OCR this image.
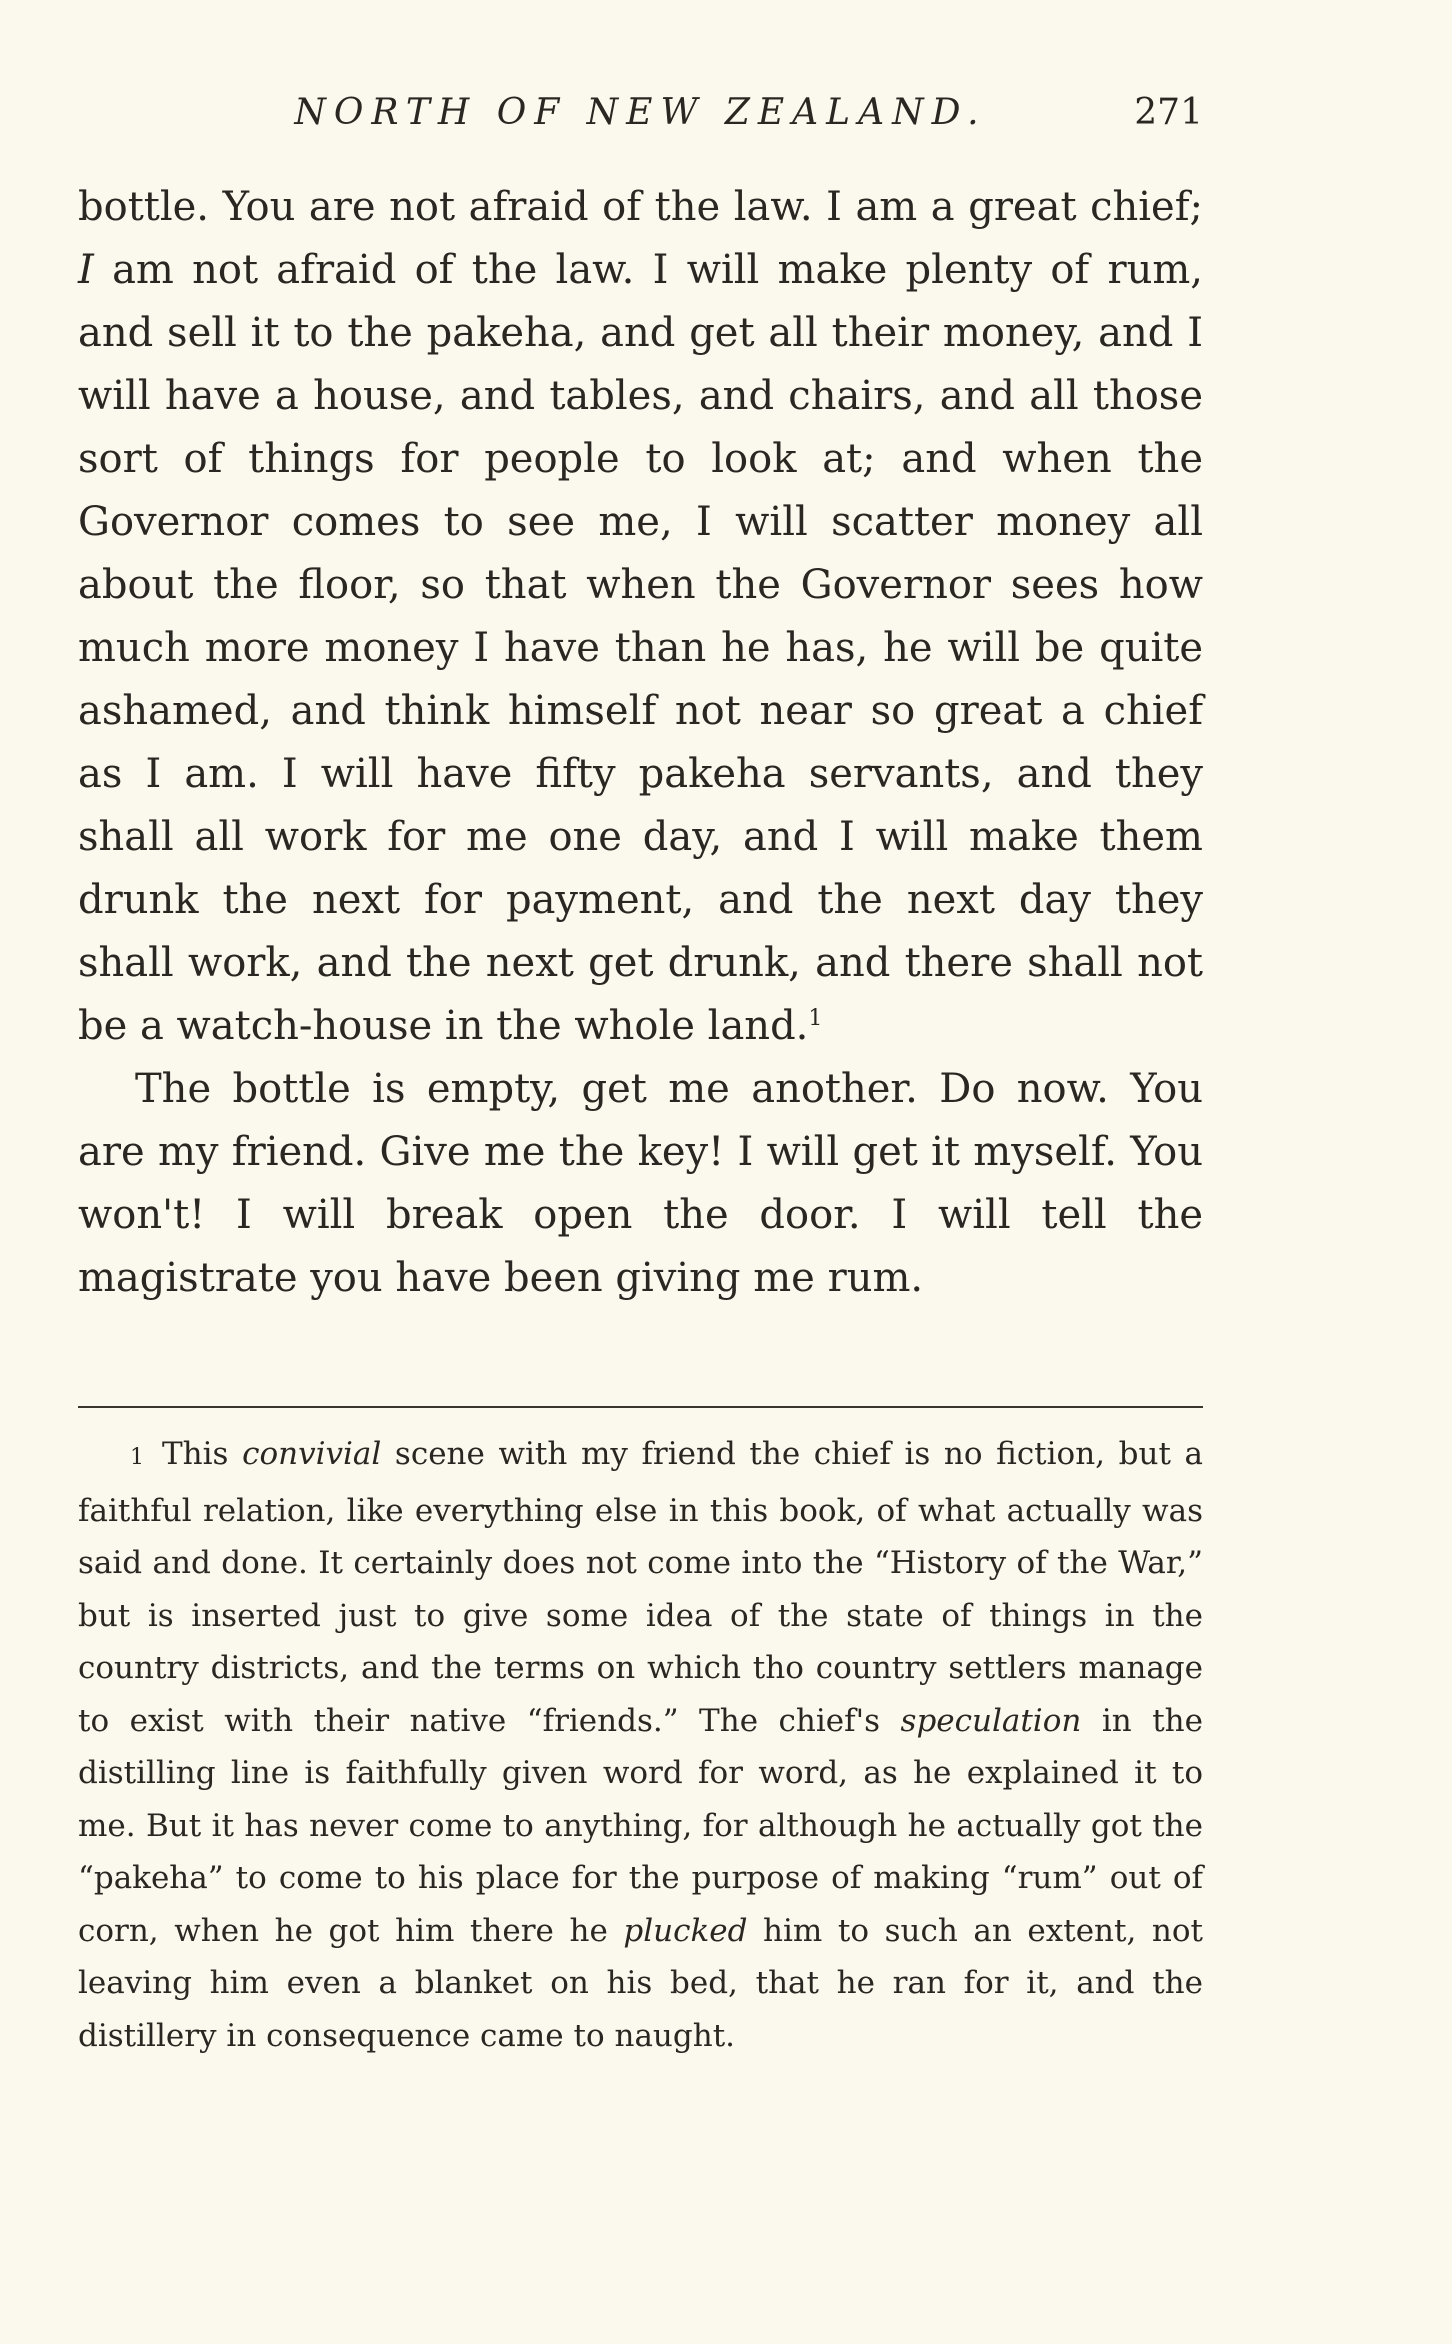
NORTH OF NEW ZEALAND.	271

bottle. You are not afraid of the law. I am a great chief; I am not afraid of the law. I will make plenty of rum, and sell it to the pakeha, and get all their money, and I will have a house, and tables, and chairs, and all those sort of things for people to look at; and when the Governor comes to see me, I will scatter money all about the floor, so that when the Governor sees how much more money I have than he has, he will be quite ashamed, and think himself not near so great a chief as I am. I will have fifty pakeha servants, and they shall all work for me one day, and I will make them drunk the next for payment, and the next day they shall work, and the next get drunk, and there shall not be a watch-house in the whole land.$^1$

The bottle is empty, get me another. Do now. You are my friend. Give me the key! I will get it myself. You won't! I will break open the door. I will tell the magistrate you have been giving me rum.

1 This convivial scene with my friend the chief is no fiction, but a faithful relation, like everything else in this book, of what actually was said and done. It certainly does not come into the “History of the War,” but is inserted just to give some idea of the state of things in the country districts, and the terms on which tho country settlers manage to exist with their native “friends.” The chief's speculation in the distilling line is faithfully given word for word, as he explained it to me. But it has never come to anything, for although he actually got the “pakeha” to come to his place for the purpose of making “rum” out of corn, when he got him there he plucked him to such an extent, not leaving him even a blanket on his bed, that he ran for it, and the distillery in consequence came to naught.
